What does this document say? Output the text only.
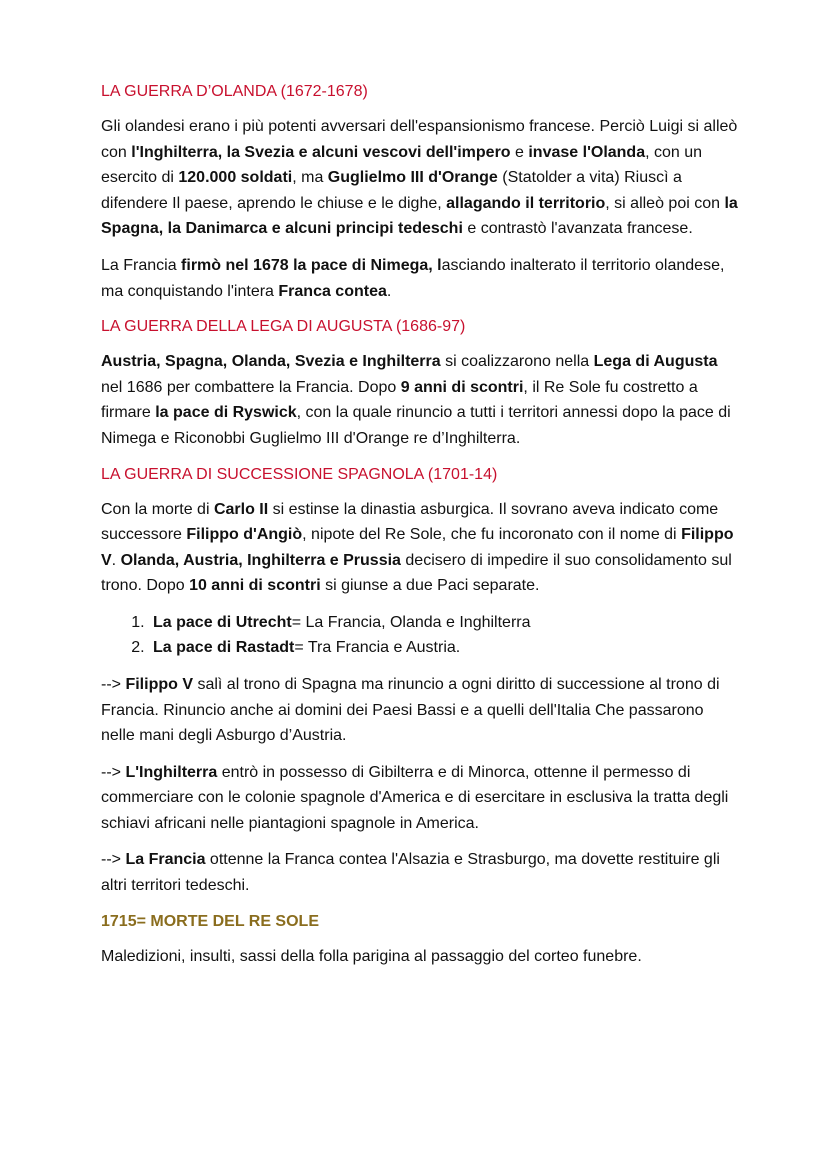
LA GUERRA D’OLANDA (1672-1678)

Gli olandesi erano i più potenti avversari dell'espansionismo francese. Perciò Luigi si alleò con l'Inghilterra, la Svezia e alcuni vescovi dell'impero e invase l'Olanda, con un esercito di 120.000 soldati, ma Guglielmo III d'Orange (Statolder a vita) Riuscì a difendere Il paese, aprendo le chiuse e le dighe, allagando il territorio, si alleò poi con la Spagna, la Danimarca e alcuni principi tedeschi e contrastò l'avanzata francese.

La Francia firmò nel 1678 la pace di Nimega, lasciando inalterato il territorio olandese, ma conquistando l'intera Franca contea.

LA GUERRA DELLA LEGA DI AUGUSTA (1686-97)

Austria, Spagna, Olanda, Svezia e Inghilterra si coalizzarono nella Lega di Augusta nel 1686 per combattere la Francia. Dopo 9 anni di scontri, il Re Sole fu costretto a firmare la pace di Ryswick, con la quale rinuncio a tutti i territori annessi dopo la pace di Nimega e Riconobbi Guglielmo III d'Orange re d’Inghilterra.

LA GUERRA DI SUCCESSIONE SPAGNOLA (1701-14)

Con la morte di Carlo II si estinse la dinastia asburgica. Il sovrano aveva indicato come successore Filippo d'Angiò, nipote del Re Sole, che fu incoronato con il nome di Filippo V. Olanda, Austria, Inghilterra e Prussia decisero di impedire il suo consolidamento sul trono. Dopo 10 anni di scontri si giunse a due Paci separate.

1. La pace di Utrecht= La Francia, Olanda e Inghilterra
2. La pace di Rastadt= Tra Francia e Austria.

--> Filippo V salì al trono di Spagna ma rinuncio a ogni diritto di successione al trono di Francia. Rinuncio anche ai domini dei Paesi Bassi e a quelli dell'Italia Che passarono nelle mani degli Asburgo d’Austria.

--> L'Inghilterra entrò in possesso di Gibilterra e di Minorca, ottenne il permesso di commerciare con le colonie spagnole d'America e di esercitare in esclusiva la tratta degli schiavi africani nelle piantagioni spagnole in America.

--> La Francia ottenne la Franca contea l'Alsazia e Strasburgo, ma dovette restituire gli altri territori tedeschi.

1715= MORTE DEL RE SOLE

Maledizioni, insulti, sassi della folla parigina al passaggio del corteo funebre.
